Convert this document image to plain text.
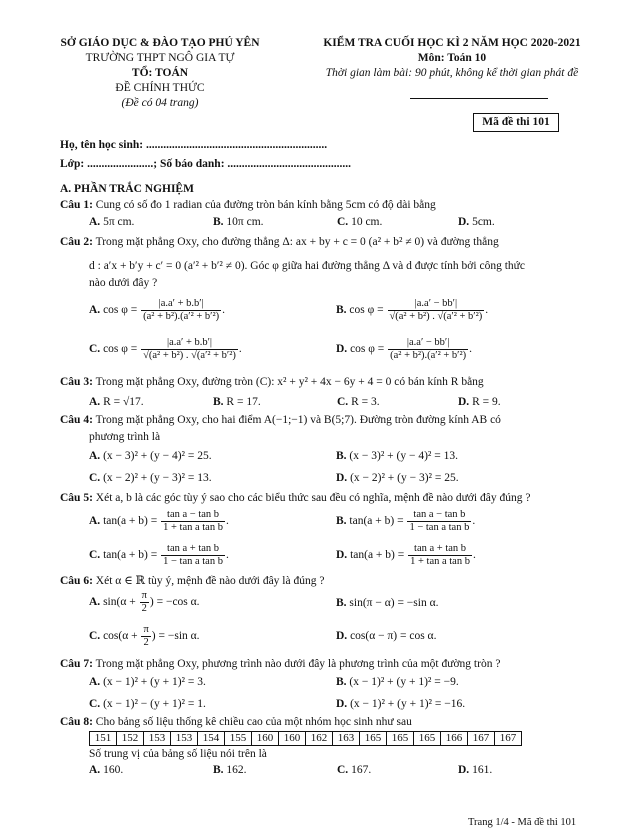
SỞ GIÁO DỤC & ĐÀO TẠO PHÚ YÊN
TRƯỜNG THPT NGÔ GIA TỰ
TỔ: TOÁN
ĐỀ CHÍNH THỨC
(Đề có 04 trang)
KIỂM TRA CUỐI HỌC KÌ 2 NĂM HỌC 2020-2021
Môn: Toán 10
Thời gian làm bài: 90 phút, không kể thời gian phát đề
Mã đề thi 101
Họ, tên học sinh: ...............................................................
Lớp: .......................; Số báo danh: ...........................................
A. PHẦN TRẮC NGHIỆM
Câu 1: Cung có số đo 1 radian của đường tròn bán kính bằng 5cm có độ dài bằng
A. 5π cm.	B. 10π cm.	C. 10 cm.	D. 5cm.
Câu 2: Trong mặt phẳng Oxy, cho đường thẳng Δ: ax + by + c = 0 (a² + b² ≠ 0) và đường thẳng
d : a′x + b′y + c′ = 0 (a′² + b′² ≠ 0). Góc φ giữa hai đường thẳng Δ và d được tính bởi công thức
nào dưới đây ?
A. $\cos \varphi = \frac{|a.a' + b.b'|}{\text{(a² + b²).(a′² + b′²)}}$ .	B. $\cos \varphi = \frac{|a.a' - bb'|}{\text{√(a² + b²) . √(a′² + b′²)}}$ .
C. $\cos \varphi = \frac{|a.a' + b.b'|}{\text{√(a² + b²) . √(a′² + b′²)}}$ .	D. $\cos \varphi = \frac{|a.a' - bb'|}{\text{(a² + b²).(a′² + b′²)}}$ .
Câu 3: Trong mặt phẳng Oxy, đường tròn (C): x² + y² + 4x − 6y + 4 = 0 có bán kính R bằng
A. R = √17.	B. R = 17.	C. R = 3.	D. R = 9.
Câu 4: Trong mặt phẳng Oxy, cho hai điểm A(−1;−1) và B(5;7). Đường tròn đường kính AB có
phương trình là
A. (x − 3)² + (y − 4)² = 25.	B. (x − 3)² + (y − 4)² = 13.
C. (x − 2)² + (y − 3)² = 13.	D. (x − 2)² + (y − 3)² = 25.
Câu 5: Xét a, b là các góc tùy ý sao cho các biểu thức sau đều có nghĩa, mệnh đề nào dưới đây đúng ?
A. $\tan(a + b) = \frac{\text{tan a − tan b}}{\text{1 + tan a tan b}}$ .	B. $\tan(a + b) = \frac{\text{tan a − tan b}}{\text{1 − tan a tan b}}$ .
C. $\tan(a + b) = \frac{\text{tan a + tan b}}{\text{1 − tan a tan b}}$ .	D. $\tan(a + b) = \frac{\text{tan a + tan b}}{\text{1 + tan a tan b}}$ .
Câu 6: Xét α ∈ ℝ tùy ý, mệnh đề nào dưới đây là đúng ?
A. $\sin(\alpha + \frac{\pi}{2}$ ) = −cos α.	B. sin(π − α) = −sin α.
C. $\cos(\alpha + \frac{\pi}{2}$ ) = −sin α.	D. cos(α − π) = cos α.
Câu 7: Trong mặt phẳng Oxy, phương trình nào dưới đây là phương trình của một đường tròn ?
A. (x − 1)² + (y + 1)² = 3.	B. (x − 1)² + (y + 1)² = −9.
C. (x − 1)² − (y + 1)² = 1.	D. (x − 1)² + (y + 1)² = −16.
Câu 8: Cho bảng số liệu thống kê chiều cao của một nhóm học sinh như sau
151	152	153	153	154	155	160	160	162	163	165	165	165	166	167	167
Số trung vị của bảng số liệu nói trên là
A. 160.	B. 162.	C. 167.	D. 161.
Trang 1/4 - Mã đề thi 101
